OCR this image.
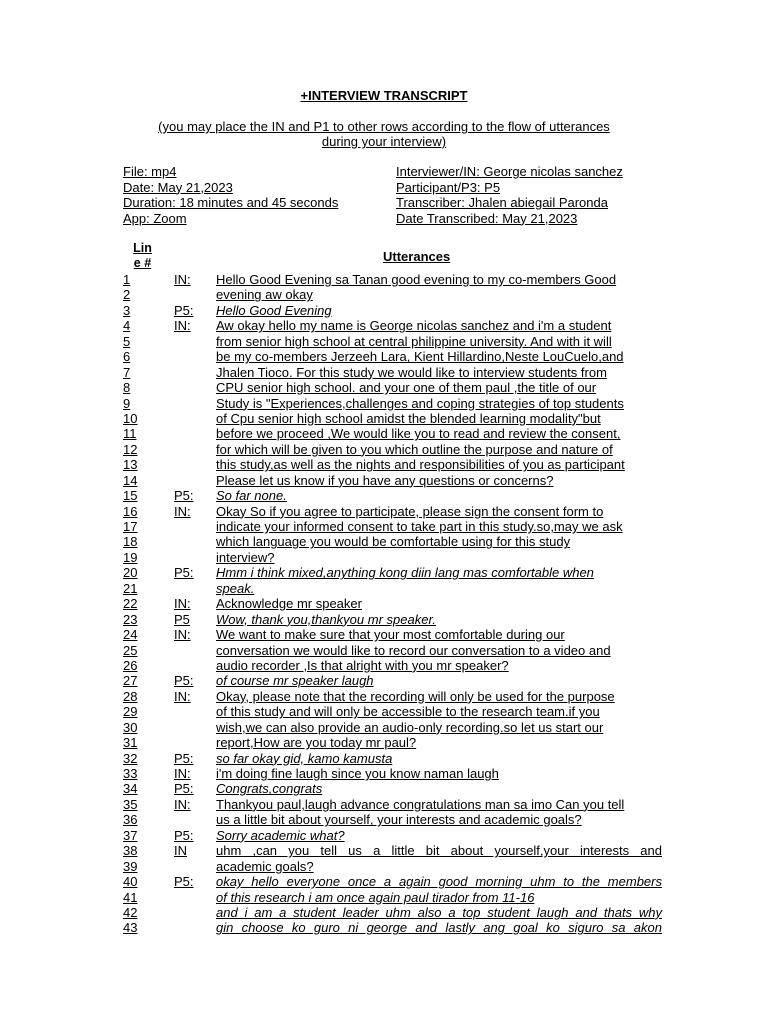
+INTERVIEW TRANSCRIPT
(you may place the IN and P1 to other rows according to the flow of utterances
during your interview)
File: mp4
Date: May 21,2023
Duration: 18 minutes and 45 seconds
App: Zoom
Interviewer/IN: George nicolas sanchez
Participant/P3: P5
Transcriber: Jhalen abiegail Paronda
Date Transcribed: May 21,2023
Lin
e #	Utterances
1	IN: Hello Good Evening sa Tanan good evening to my co-members Good
2	evening aw okay
3	P5: Hello Good Evening
4	IN: Aw okay hello my name is George nicolas sanchez and i'm a student
5	from senior high school at central philippine university. And with it will
6	be my co-members Jerzeeh Lara, Kient Hillardino,Neste LouCuelo,and
7	Jhalen Tioco. For this study we would like to interview students from
8	CPU senior high school. and your one of them paul ,the title of our
9	Study is "Experiences,challenges and coping strategies of top students
10	of Cpu senior high school amidst the blended learning modality"but
11	before we proceed ,We would like you to read and review the consent,
12	for which will be given to you which outline the purpose and nature of
13	this study,as well as the nights and responsibilities of you as participant
14	Please let us know if you have any questions or concerns?
15	P5: So far none.
16	IN: Okay So if you agree to participate, please sign the consent form to
17	indicate your informed consent to take part in this study.so,may we ask
18	which language you would be comfortable using for this study
19	interview?
20	P5: Hmm i think mixed,anything kong diin lang mas comfortable when
21	speak.
22	IN: Acknowledge mr speaker
23	P5 Wow, thank you,thankyou mr speaker.
24	IN: We want to make sure that your most comfortable during our
25	conversation we would like to record our conversation to a video and
26	audio recorder ,Is that alright with you mr speaker?
27	P5: of course mr speaker laugh
28	IN: Okay, please note that the recording will only be used for the purpose
29	of this study and will only be accessible to the research team.if you
30	wish,we can also provide an audio-only recording.so let us start our
31	report,How are you today mr paul?
32	P5: so far okay gid, kamo kamusta
33	IN: i'm doing fine laugh since you know naman laugh
34	P5: Congrats,congrats
35	IN: Thankyou paul,laugh advance congratulations man sa imo Can you tell
36	us a little bit about yourself, your interests and academic goals?
37	P5: Sorry academic what?
38	IN uhm ,can you tell us a little bit about yourself,your interests and
39	academic goals?
40	P5: okay hello everyone once a again good morning uhm to the members
41	of this research i am once again paul tirador from 11-16
42	and i am a student leader uhm also a top student laugh and thats why
43	gin choose ko guro ni george and lastly ang goal ko siguro sa akon
